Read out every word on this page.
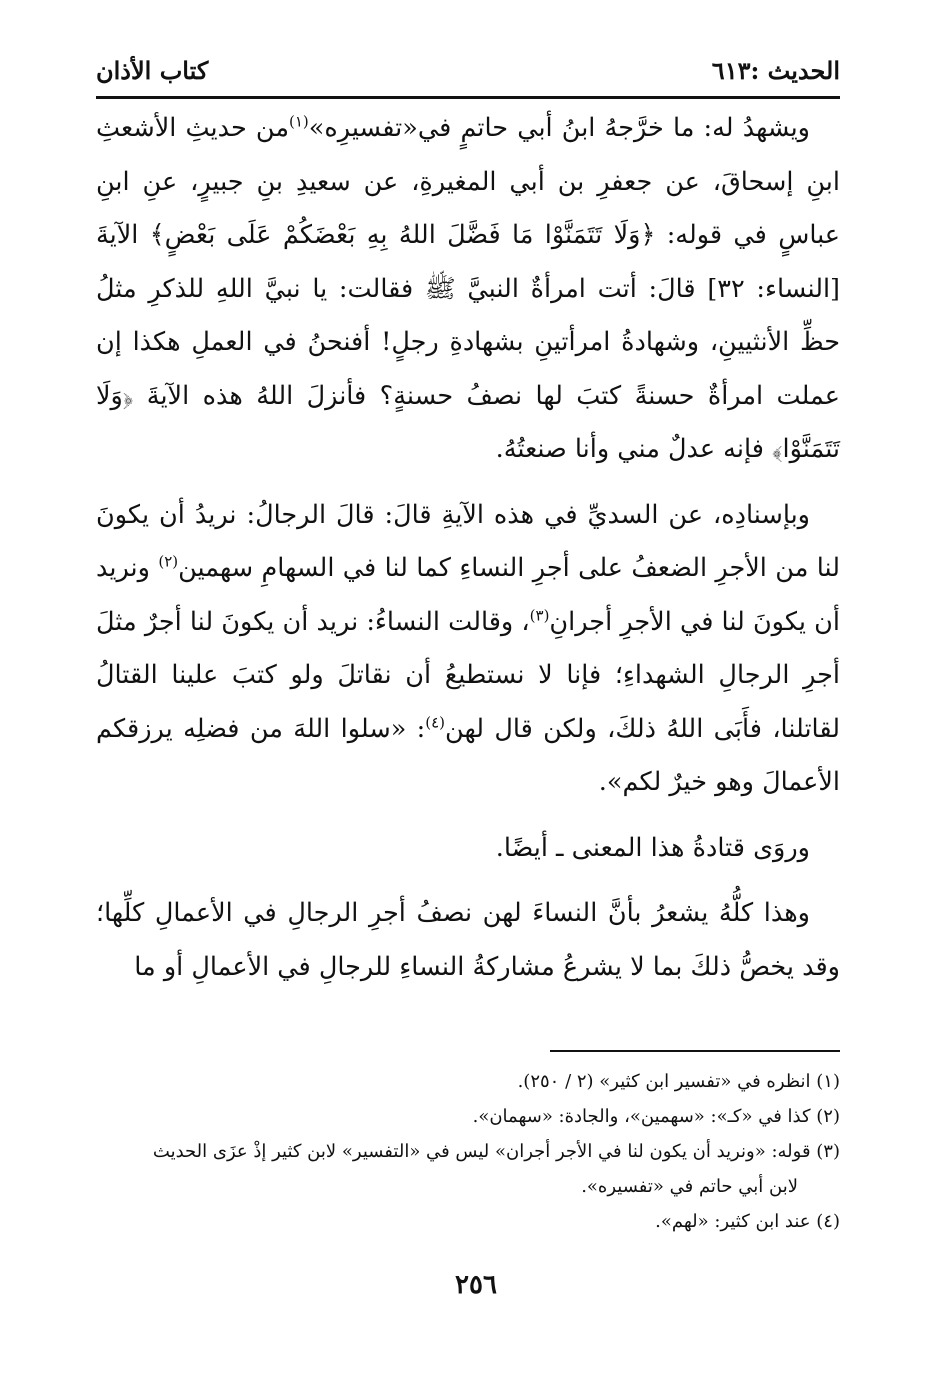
الحديث :٦١٣
كتاب الأذان

ويشهدُ له: ما خرَّجهُ ابنُ أبي حاتمٍ في«تفسيرِه»$^{(١)}$من حديثِ الأشعثِ ابنِ إسحاقَ، عن جعفرِ بن أبي المغيرةِ، عن سعيدِ بنِ جبيرٍ، عنِ ابنِ عباسٍ في قوله: ﴿وَلَا تَتَمَنَّوْا مَا فَضَّلَ اللهُ بِهِ بَعْضَكُمْ عَلَى بَعْضٍ﴾ الآيةَ [النساء: ٣٢] قالَ: أتت امرأةٌ النبيَّ ﷺ فقالت: يا نبيَّ اللهِ للذكرِ مثلُ حظِّ الأنثيينِ، وشهادةُ امرأتينِ بشهادةِ رجلٍ! أفنحنُ في العملِ هكذا إن عملت امرأةٌ حسنةً كتبَ لها نصفُ حسنةٍ؟ فأنزلَ اللهُ هذه الآيةَ ﴿وَلَا تَتَمَنَّوْا﴾ فإنه عدلٌ مني وأنا صنعتُهُ.

وبإسنادِه، عن السديِّ في هذه الآيةِ قالَ: قالَ الرجالُ: نريدُ أن يكونَ لنا من الأجرِ الضعفُ على أجرِ النساءِ كما لنا في السهامِ سهمين$^{(٢)}$ ونريد أن يكونَ لنا في الأجرِ أجرانِ$^{(٣)}$، وقالت النساءُ: نريد أن يكونَ لنا أجرٌ مثلَ أجرِ الرجالِ الشهداءِ؛ فإنا لا نستطيعُ أن نقاتلَ ولو كتبَ علينا القتالُ لقاتلنا، فأَبَى اللهُ ذلكَ، ولكن قال لهن$^{(٤)}$: «سلوا اللهَ من فضلِه يرزقكم الأعمالَ وهو خيرٌ لكم».

وروَى قتادةُ هذا المعنى ـ أيضًا.

وهذا كلُّهُ يشعرُ بأنَّ النساءَ لهن نصفُ أجرِ الرجالِ في الأعمالِ كلِّها؛ وقد يخصُّ ذلكَ بما لا يشرعُ مشاركةُ النساءِ للرجالِ في الأعمالِ أو ما

(١) انظره في «تفسير ابن كثير» (٢ / ٢٥٠).

(٢) كذا في «كـ»: «سهمين»، والجادة: «سهمان».

(٣) قوله: «ونريد أن يكون لنا في الأجر أجران» ليس في «التفسير» لابن كثير إذْ عزَى الحديث

لابن أبي حاتم في «تفسيره».

(٤) عند ابن كثير: «لهم».

٢٥٦
